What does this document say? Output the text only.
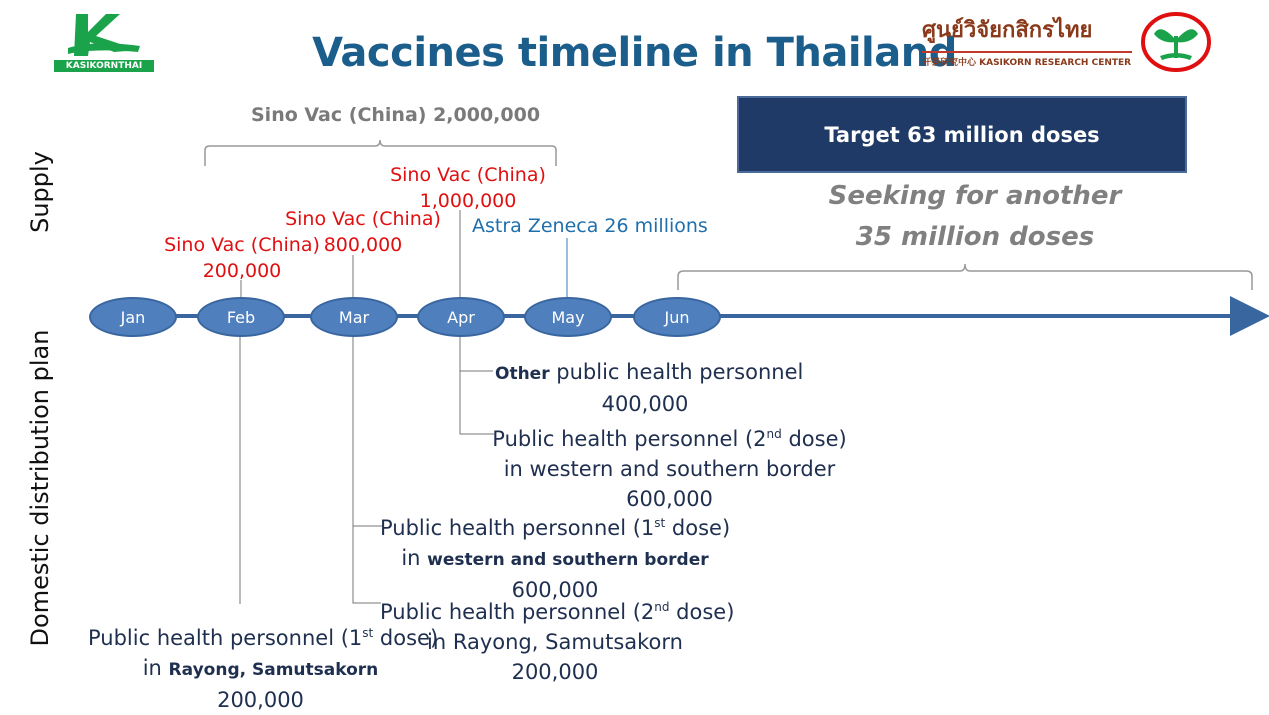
KASIKORNTHAI	Vaccines timeline in Thailand
ศูนย์วิจัยกสิกรไทย
开泰研究中心 KASIKORN RESEARCH CENTER
Supply
Domestic distribution plan
Jan	Feb	Mar	Apr	May	Jun
Sino Vac (China) 2,000,000
Sino Vac (China)
200,000
Sino Vac (China)
800,000
Sino Vac (China)
1,000,000
Astra Zeneca 26 millions
Target 63 million doses
Seeking for another
35 million doses
Other public health personnel
400,000
Public health personnel (2nd dose)
in western and southern border
600,000
Public health personnel (1st dose)
in western and southern border
600,000
Public health personnel (2nd dose)
in Rayong, Samutsakorn
200,000
Public health personnel (1st dose)
in Rayong, Samutsakorn
200,000
